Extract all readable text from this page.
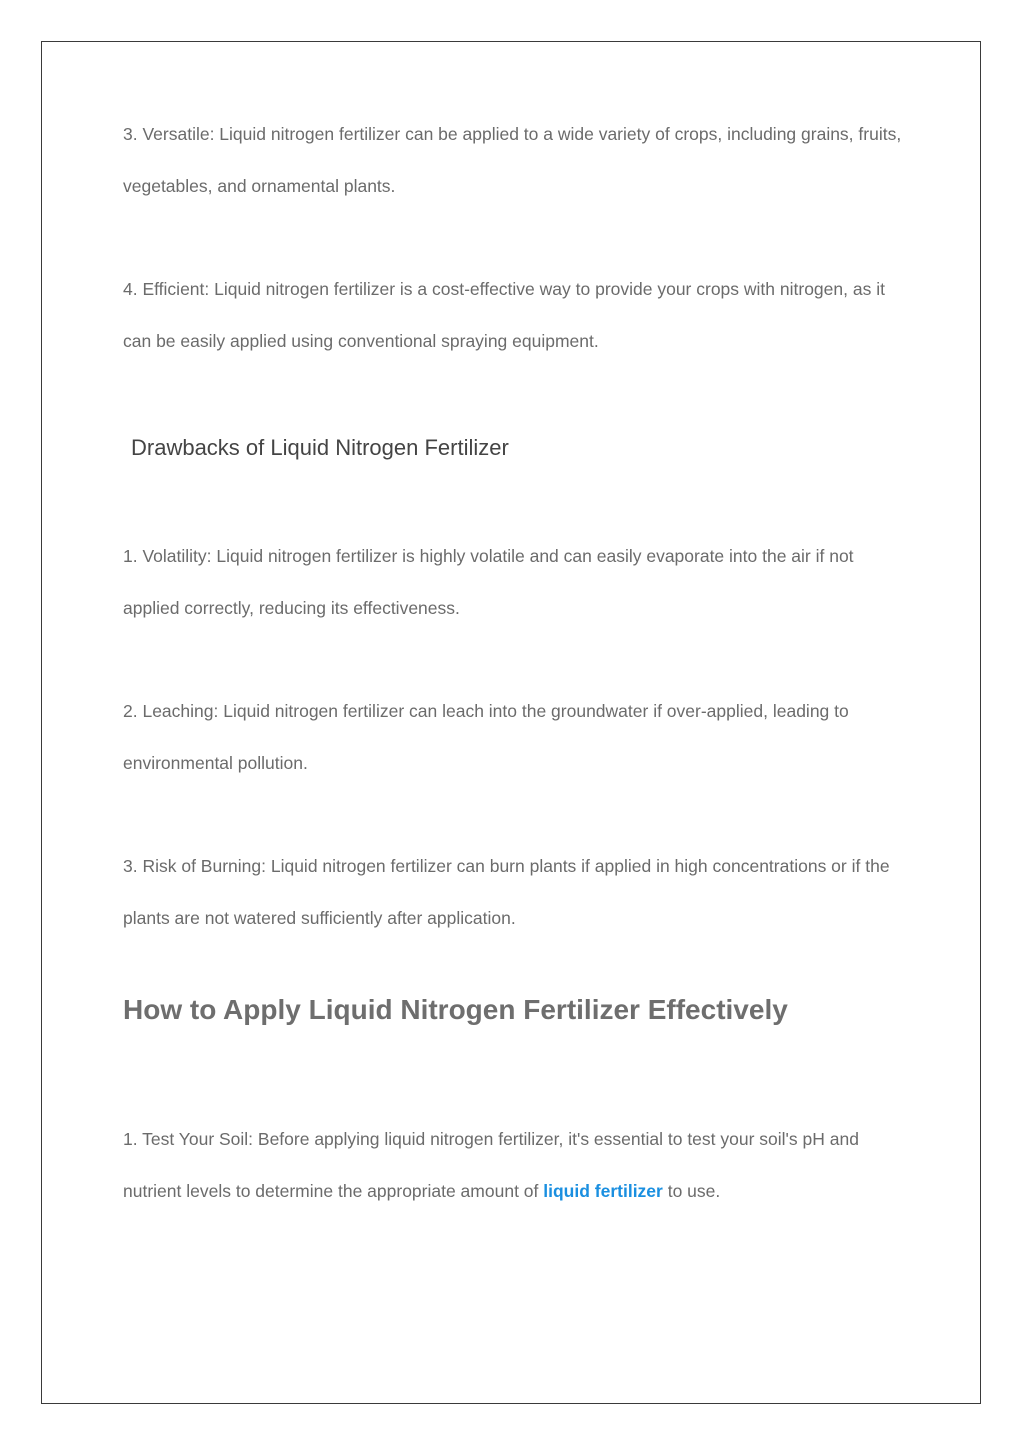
3. Versatile: Liquid nitrogen fertilizer can be applied to a wide variety of crops, including grains, fruits, vegetables, and ornamental plants.

4. Efficient: Liquid nitrogen fertilizer is a cost-effective way to provide your crops with nitrogen, as it can be easily applied using conventional spraying equipment.

Drawbacks of Liquid Nitrogen Fertilizer

1. Volatility: Liquid nitrogen fertilizer is highly volatile and can easily evaporate into the air if not applied correctly, reducing its effectiveness.

2. Leaching: Liquid nitrogen fertilizer can leach into the groundwater if over-applied, leading to environmental pollution.

3. Risk of Burning: Liquid nitrogen fertilizer can burn plants if applied in high concentrations or if the plants are not watered sufficiently after application.

How to Apply Liquid Nitrogen Fertilizer Effectively

1. Test Your Soil: Before applying liquid nitrogen fertilizer, it's essential to test your soil's pH and nutrient levels to determine the appropriate amount of liquid fertilizer to use.
